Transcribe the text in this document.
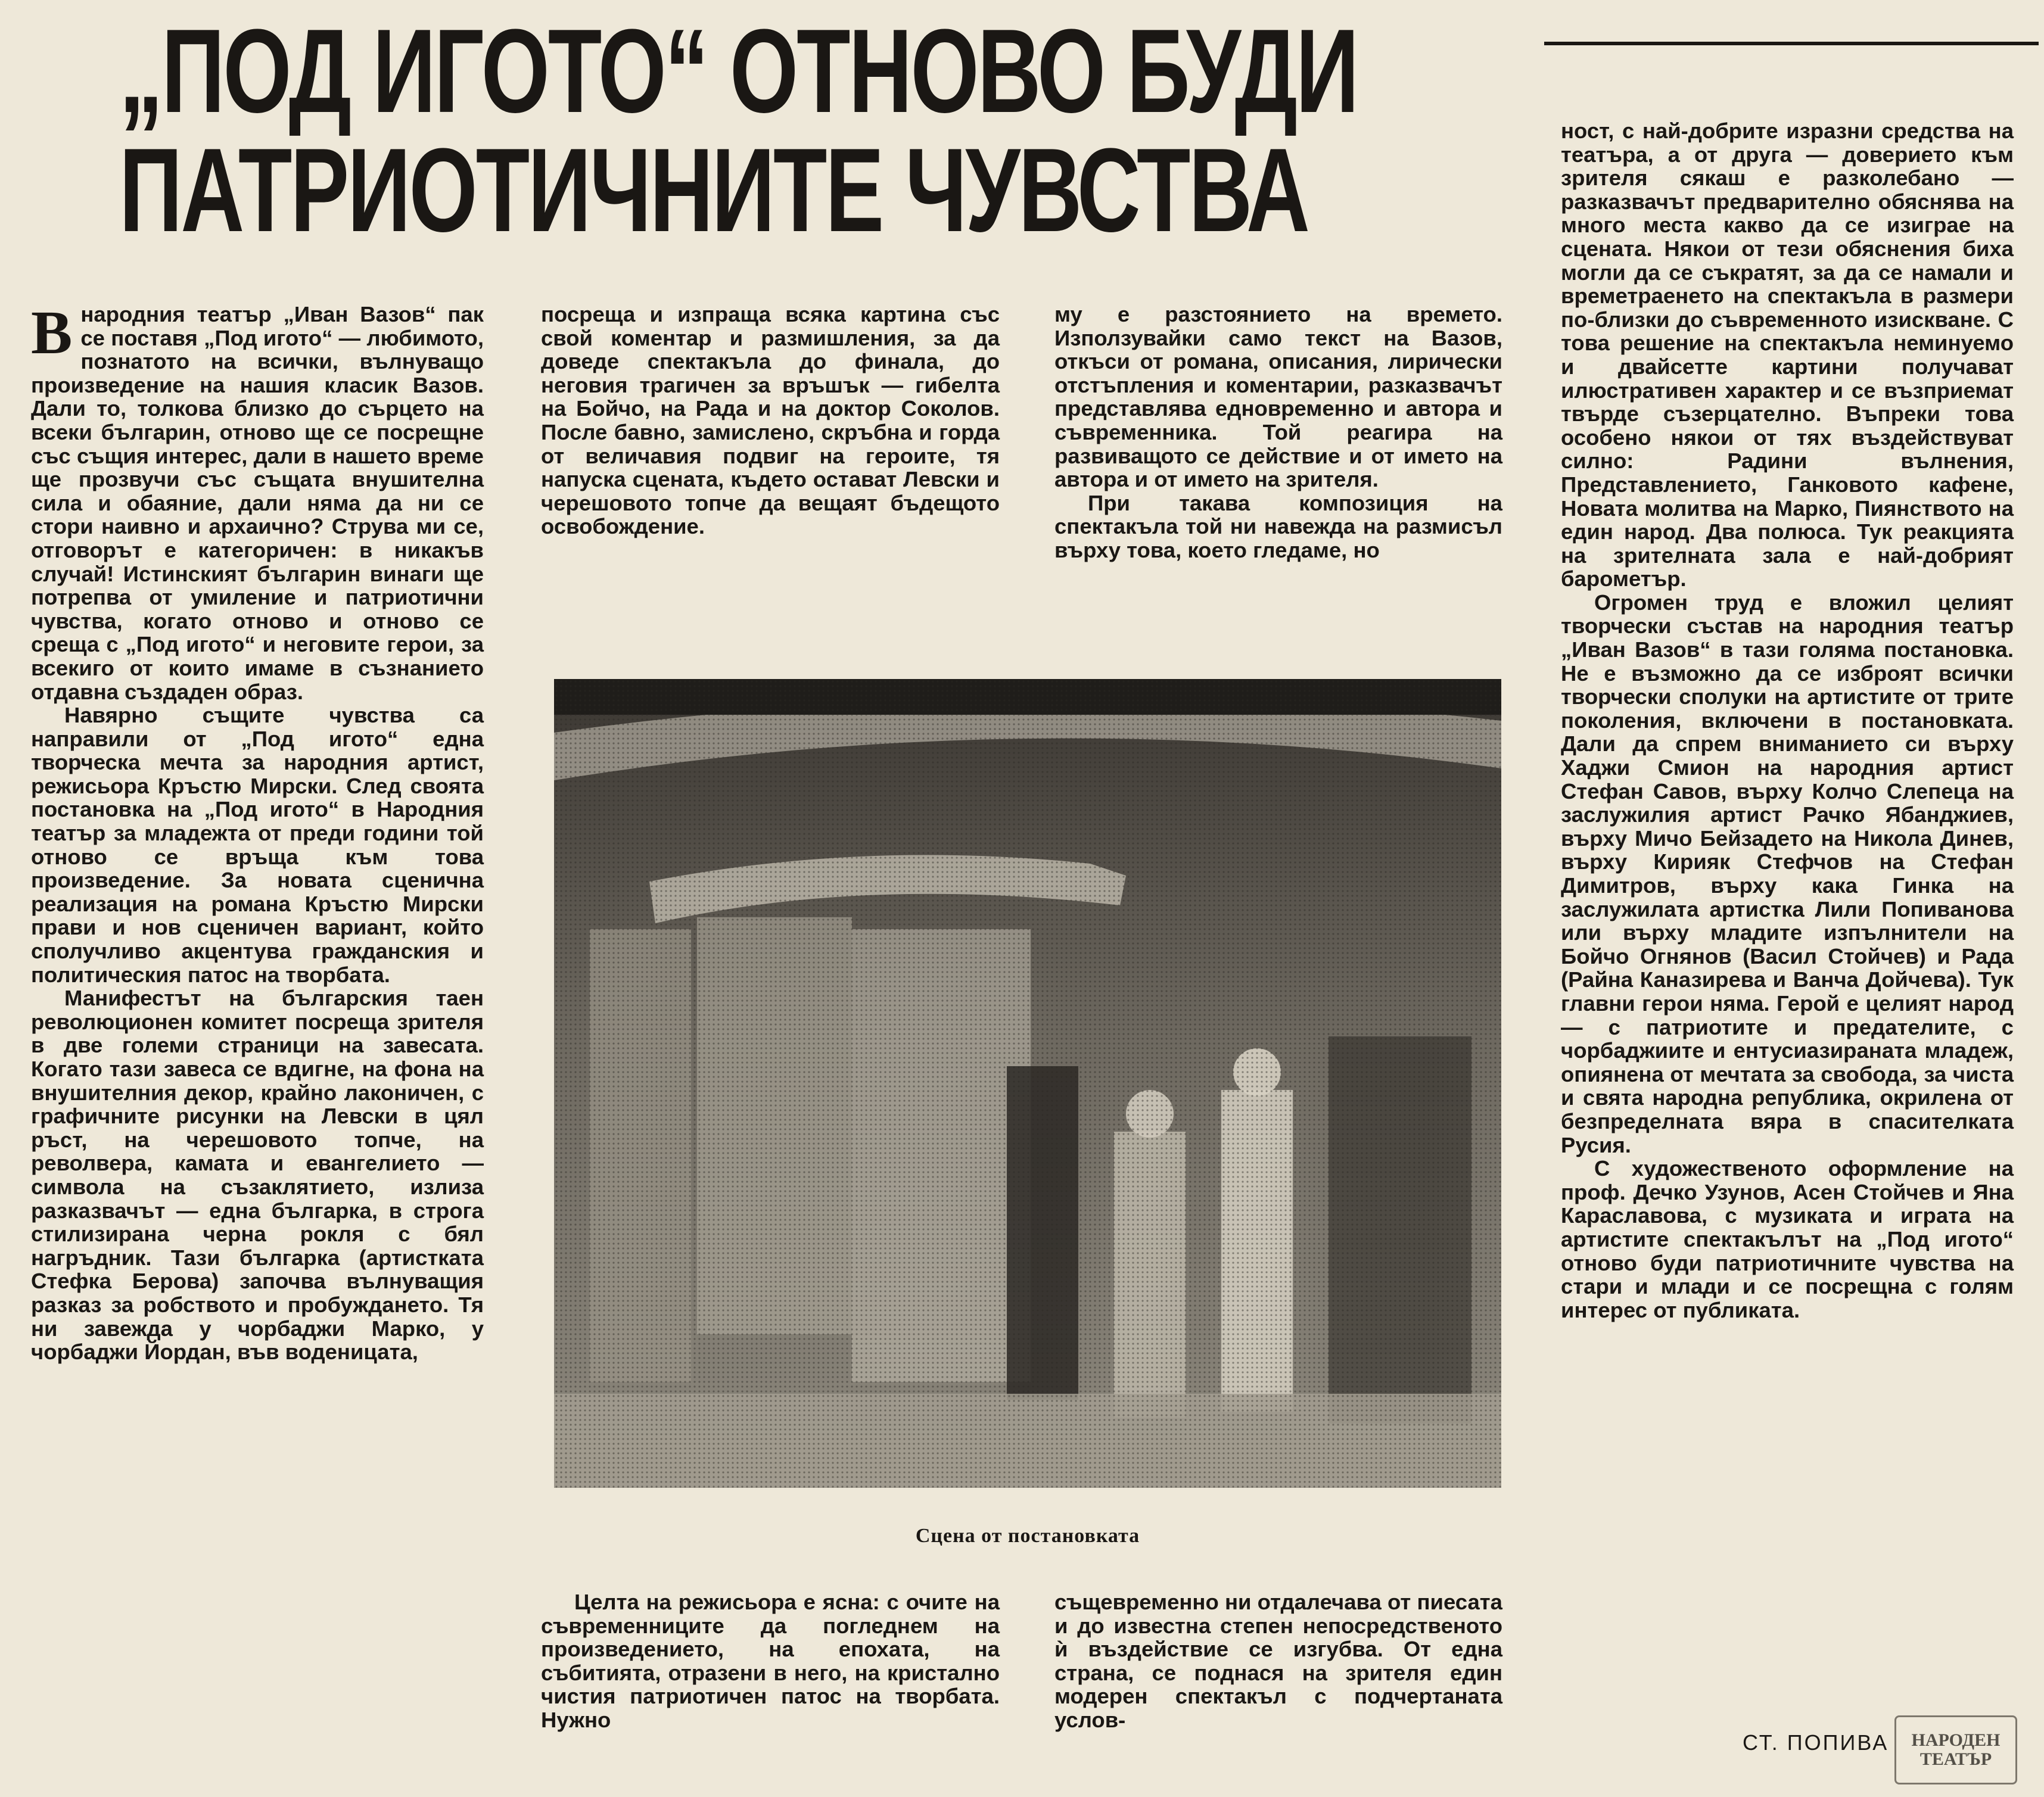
„ПОД ИГОТО“ ОТНОВО БУДИ
ПАТРИОТИЧНИТЕ ЧУВСТВА

В народния театър „Иван Вазов“ пак се поставя „Под игото“ — любимото, познатото на всички, вълнуващо произведение на нашия класик Вазов. Дали то, толкова близко до сърцето на всеки българин, отново ще се посрещне със същия интерес, дали в нашето време ще прозвучи със същата внушителна сила и обаяние, дали няма да ни се стори наивно и архаично? Струва ми се, отговорът е категоричен: в никакъв случай! Истинският българин винаги ще потрепва от умиление и патриотични чувства, когато отново и отново се среща с „Под игото“ и неговите герои, за всекиго от които имаме в съзнанието отдавна създаден образ.

Навярно същите чувства са направили от „Под игото“ една творческа мечта за народния артист, режисьора Кръстю Мирски. След своята постановка на „Под игото“ в Народния театър за младежта от преди години той отново се връща към това произведение. За новата сценична реализация на романа Кръстю Мирски прави и нов сценичен вариант, който сполучливо акцентува гражданския и политическия патос на творбата.

Манифестът на българския таен революционен комитет посреща зрителя в две големи страници на завесата. Когато тази завеса се вдигне, на фона на внушителния декор, крайно лаконичен, с графичните рисунки на Левски в цял ръст, на черешовото топче, на револвера, камата и евангелието — символа на съзаклятието, излиза разказвачът — една българка, в строга стилизирана черна рокля с бял нагръдник. Тази българка (артистката Стефка Берова) започва вълнуващия разказ за робството и пробуждането. Тя ни завежда у чорбаджи Марко, у чорбаджи Йордан, във воденицата,

посреща и изпраща всяка картина със свой коментар и размишления, за да доведе спектакъла до финала, до неговия трагичен за връшък — гибелта на Бойчо, на Рада и на доктор Соколов. После бавно, замислено, скръбна и горда от величавия подвиг на героите, тя напуска сцената, където остават Левски и черешовото топче да вещаят бъдещото освобождение.

му е разстоянието на времето. Използувайки само текст на Вазов, откъси от романа, описания, лирически отстъпления и коментарии, разказвачът представлява едновременно и автора и съвременника. Той реагира на развиващото се действие и от името на автора и от името на зрителя.

При такава композиция на спектакъла той ни навежда на размисъл върху това, което гледаме, но

Сцена от постановката

Целта на режисьора е ясна: с очите на съвременниците да погледнем на произведението, на епохата, на събитията, отразени в него, на кристално чистия патриотичен патос на творбата. Нужно

същевременно ни отдалечава от пиесата и до известна степен непосредственото ѝ въздействие се изгубва. От една страна, се поднася на зрителя един модерен спектакъл с подчертаната услов-

ност, с най-добрите изразни средства на театъра, а от друга — доверието към зрителя сякаш е разколебано — разказвачът предварително обяснява на много места какво да се изиграе на сцената. Някои от тези обяснения биха могли да се съкратят, за да се намали и времетраенето на спектакъла в размери по-близки до съвременното изискване. С това решение на спектакъла неминуемо и двайсетте картини получават илюстративен характер и се възприемат твърде съзерцателно. Въпреки това особено някои от тях въздействуват силно: Радини вълнения, Представлението, Ганковото кафене, Новата молитва на Марко, Пиянството на един народ. Два полюса. Тук реакцията на зрителната зала е най-добрият барометър.

Огромен труд е вложил целият творчески състав на народния театър „Иван Вазов“ в тази голяма постановка. Не е възможно да се изброят всички творчески сполуки на артистите от трите поколения, включени в постановката. Дали да спрем вниманието си върху Хаджи Смион на народния артист Стефан Савов, върху Колчо Слепеца на заслужилия артист Рачко Ябанджиев, върху Мичо Бейзадето на Никола Динев, върху Кирияк Стефчов на Стефан Димитров, върху кака Гинка на заслужилата артистка Лили Попиванова или върху младите изпълнители на Бойчо Огнянов (Васил Стойчев) и Рада (Райна Каназирева и Ванча Дойчева). Тук главни герои няма. Герой е целият народ — с патриотите и предателите, с чорбаджиите и ентусиазираната младеж, опиянена от мечтата за свобода, за чиста и свята народна република, окрилена от безпределната вяра в спасителката Русия.

С художественото оформление на проф. Дечко Узунов, Асен Стойчев и Яна Караславова, с музиката и играта на артистите спектакълът на „Под игото“ отново буди патриотичните чувства на стари и млади и се посрещна с голям интерес от публиката.

СТ. ПОПИВА НАРОДЕН ТЕАТЪР
